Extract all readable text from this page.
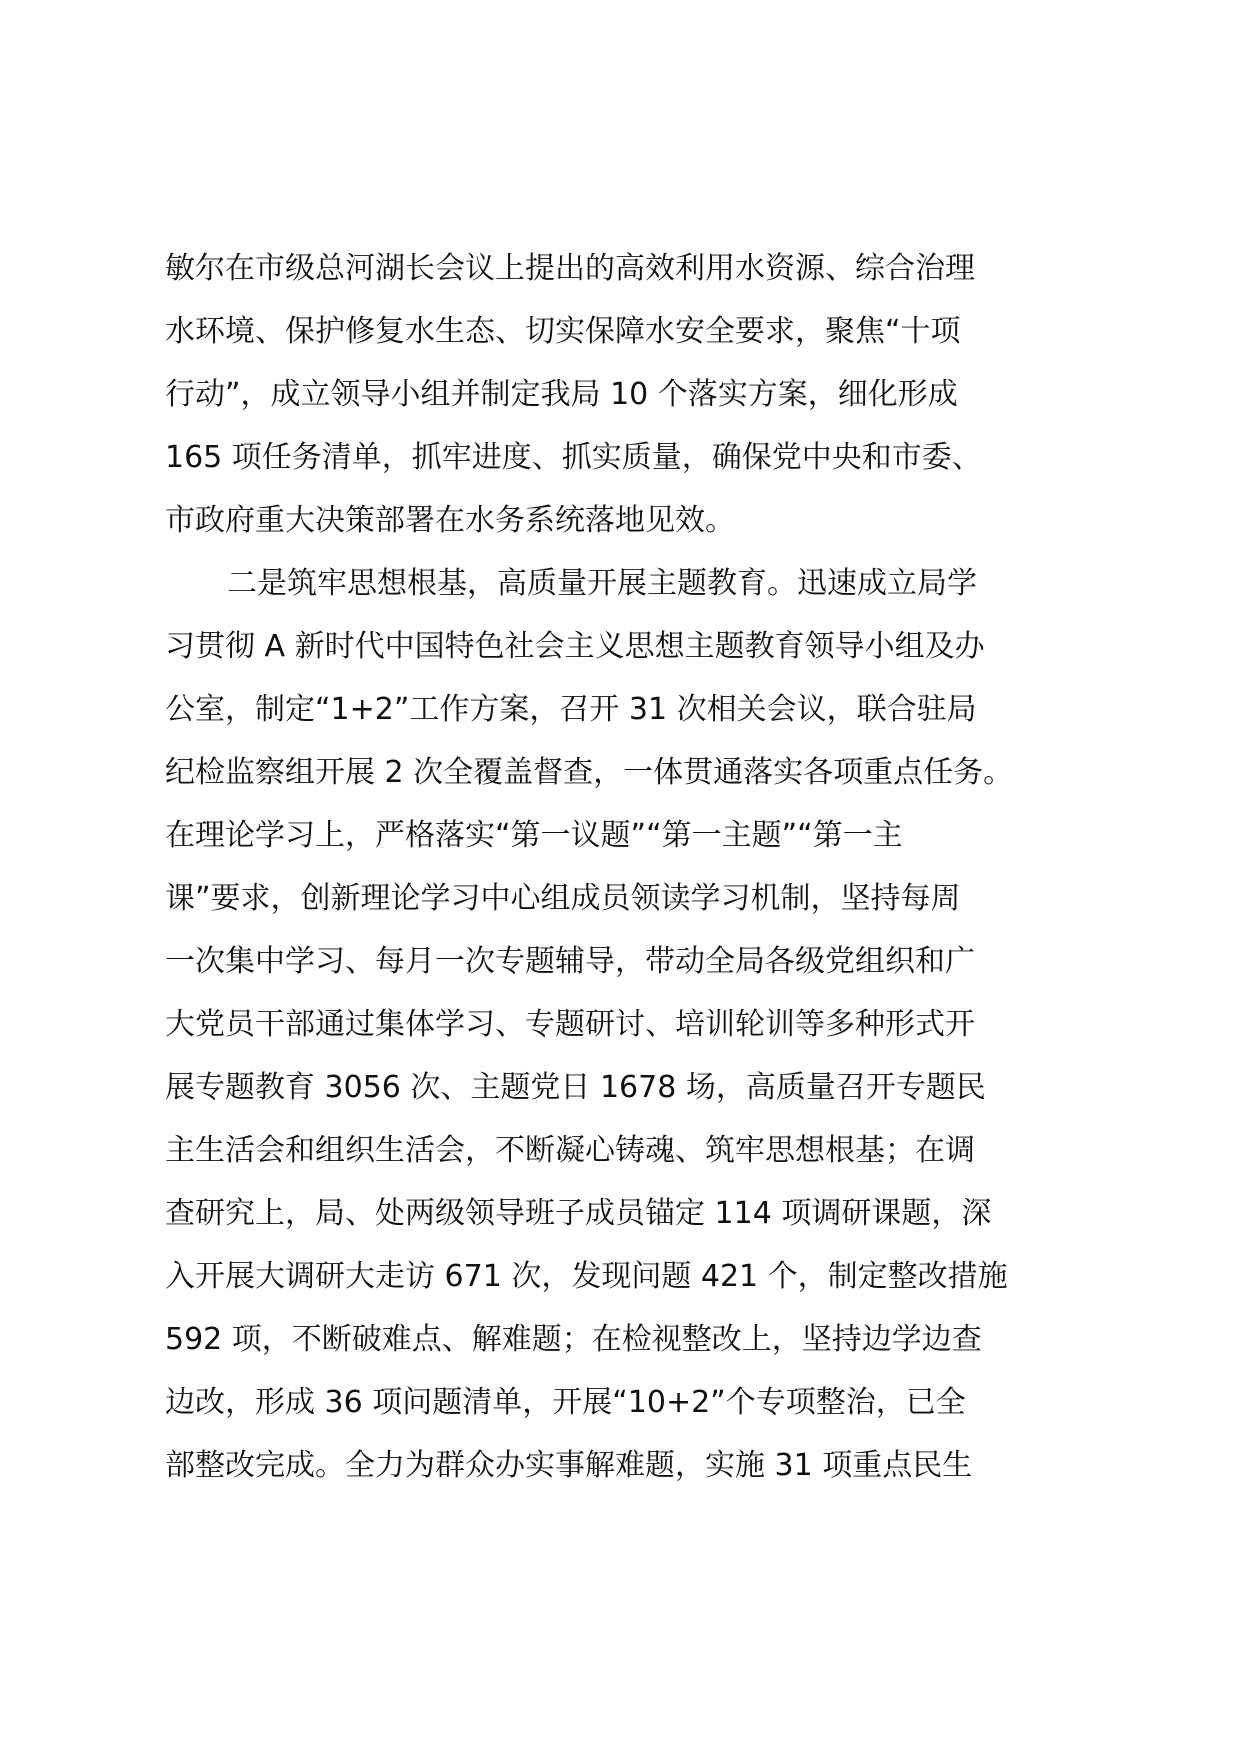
敏尔在市级总河湖长会议上提出的高效利用水资源、综合治理
水环境、保护修复水生态、切实保障水安全要求，聚焦“十项
行动”，成立领导小组并制定我局 10 个落实方案，细化形成
165 项任务清单，抓牢进度、抓实质量，确保党中央和市委、
市政府重大决策部署在水务系统落地见效。
二是筑牢思想根基，高质量开展主题教育。迅速成立局学
习贯彻 A 新时代中国特色社会主义思想主题教育领导小组及办
公室，制定“1+2”工作方案，召开 31 次相关会议，联合驻局
纪检监察组开展 2 次全覆盖督查，一体贯通落实各项重点任务。
在理论学习上，严格落实“第一议题”“第一主题”“第一主
课”要求，创新理论学习中心组成员领读学习机制，坚持每周
一次集中学习、每月一次专题辅导，带动全局各级党组织和广
大党员干部通过集体学习、专题研讨、培训轮训等多种形式开
展专题教育 3056 次、主题党日 1678 场，高质量召开专题民
主生活会和组织生活会，不断凝心铸魂、筑牢思想根基；在调
查研究上，局、处两级领导班子成员锚定 114 项调研课题，深
入开展大调研大走访 671 次，发现问题 421 个，制定整改措施
592 项，不断破难点、解难题；在检视整改上，坚持边学边查
边改，形成 36 项问题清单，开展“10+2”个专项整治，已全
部整改完成。全力为群众办实事解难题，实施 31 项重点民生
